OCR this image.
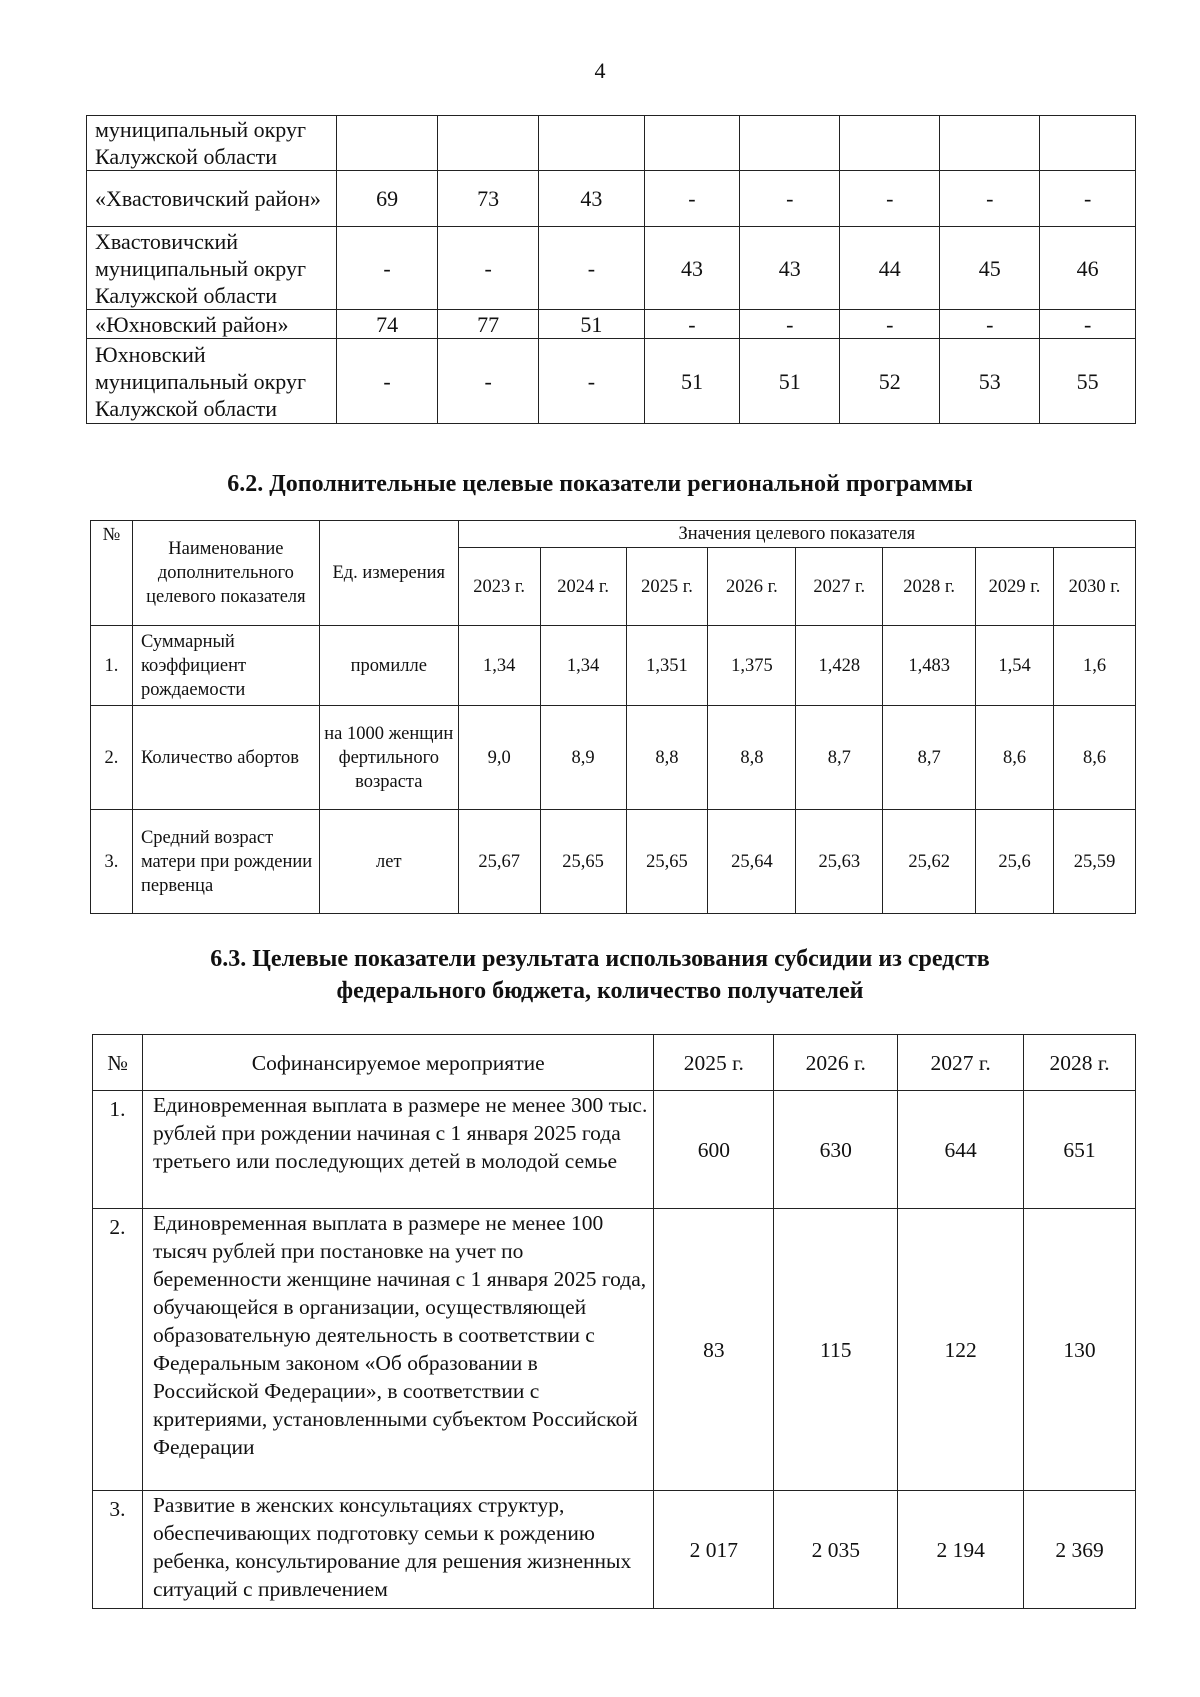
4
муниципальный округ Калужской области								
«Хвастовичский район»	69	73	43	-	-	-	-	-
Хвастовичский муниципальный округ Калужской области	-	-	-	43	43	44	45	46
«Юхновский район»	74	77	51	-	-	-	-	-
Юхновский муниципальный округ Калужской области	-	-	-	51	51	52	53	55
6.2. Дополнительные целевые показатели региональной программы
№	Наименование дополнительного целевого показателя	Ед. измерения	Значения целевого показателя							
			2023 г.	2024 г.	2025 г.	2026 г.	2027 г.	2028 г.	2029 г.	2030 г.
1.	Суммарный коэффициент рождаемости	промилле	1,34	1,34	1,351	1,375	1,428	1,483	1,54	1,6
2.	Количество абортов	на 1000 женщин фертильного возраста	9,0	8,9	8,8	8,8	8,7	8,7	8,6	8,6
3.	Средний возраст матери при рождении первенца	лет	25,67	25,65	25,65	25,64	25,63	25,62	25,6	25,59
6.3. Целевые показатели результата использования субсидии из средств
федерального бюджета, количество получателей
№	Софинансируемое мероприятие	2025 г.	2026 г.	2027 г.	2028 г.
1.	Единовременная выплата в размере не менее 300 тыс. рублей при рождении начиная с 1 января 2025 года третьего или последующих детей в молодой семье	600	630	644	651
2.	Единовременная выплата в размере не менее 100 тысяч рублей при постановке на учет по беременности женщине начиная с 1 января 2025 года, обучающейся в организации, осуществляющей образовательную деятельность в соответствии с Федеральным законом «Об образовании в Российской Федерации», в соответствии с критериями, установленными субъектом Российской Федерации	83	115	122	130
3.	Развитие в женских консультациях структур, обеспечивающих подготовку семьи к рождению ребенка, консультирование для решения жизненных ситуаций с привлечением	2 017	2 035	2 194	2 369
